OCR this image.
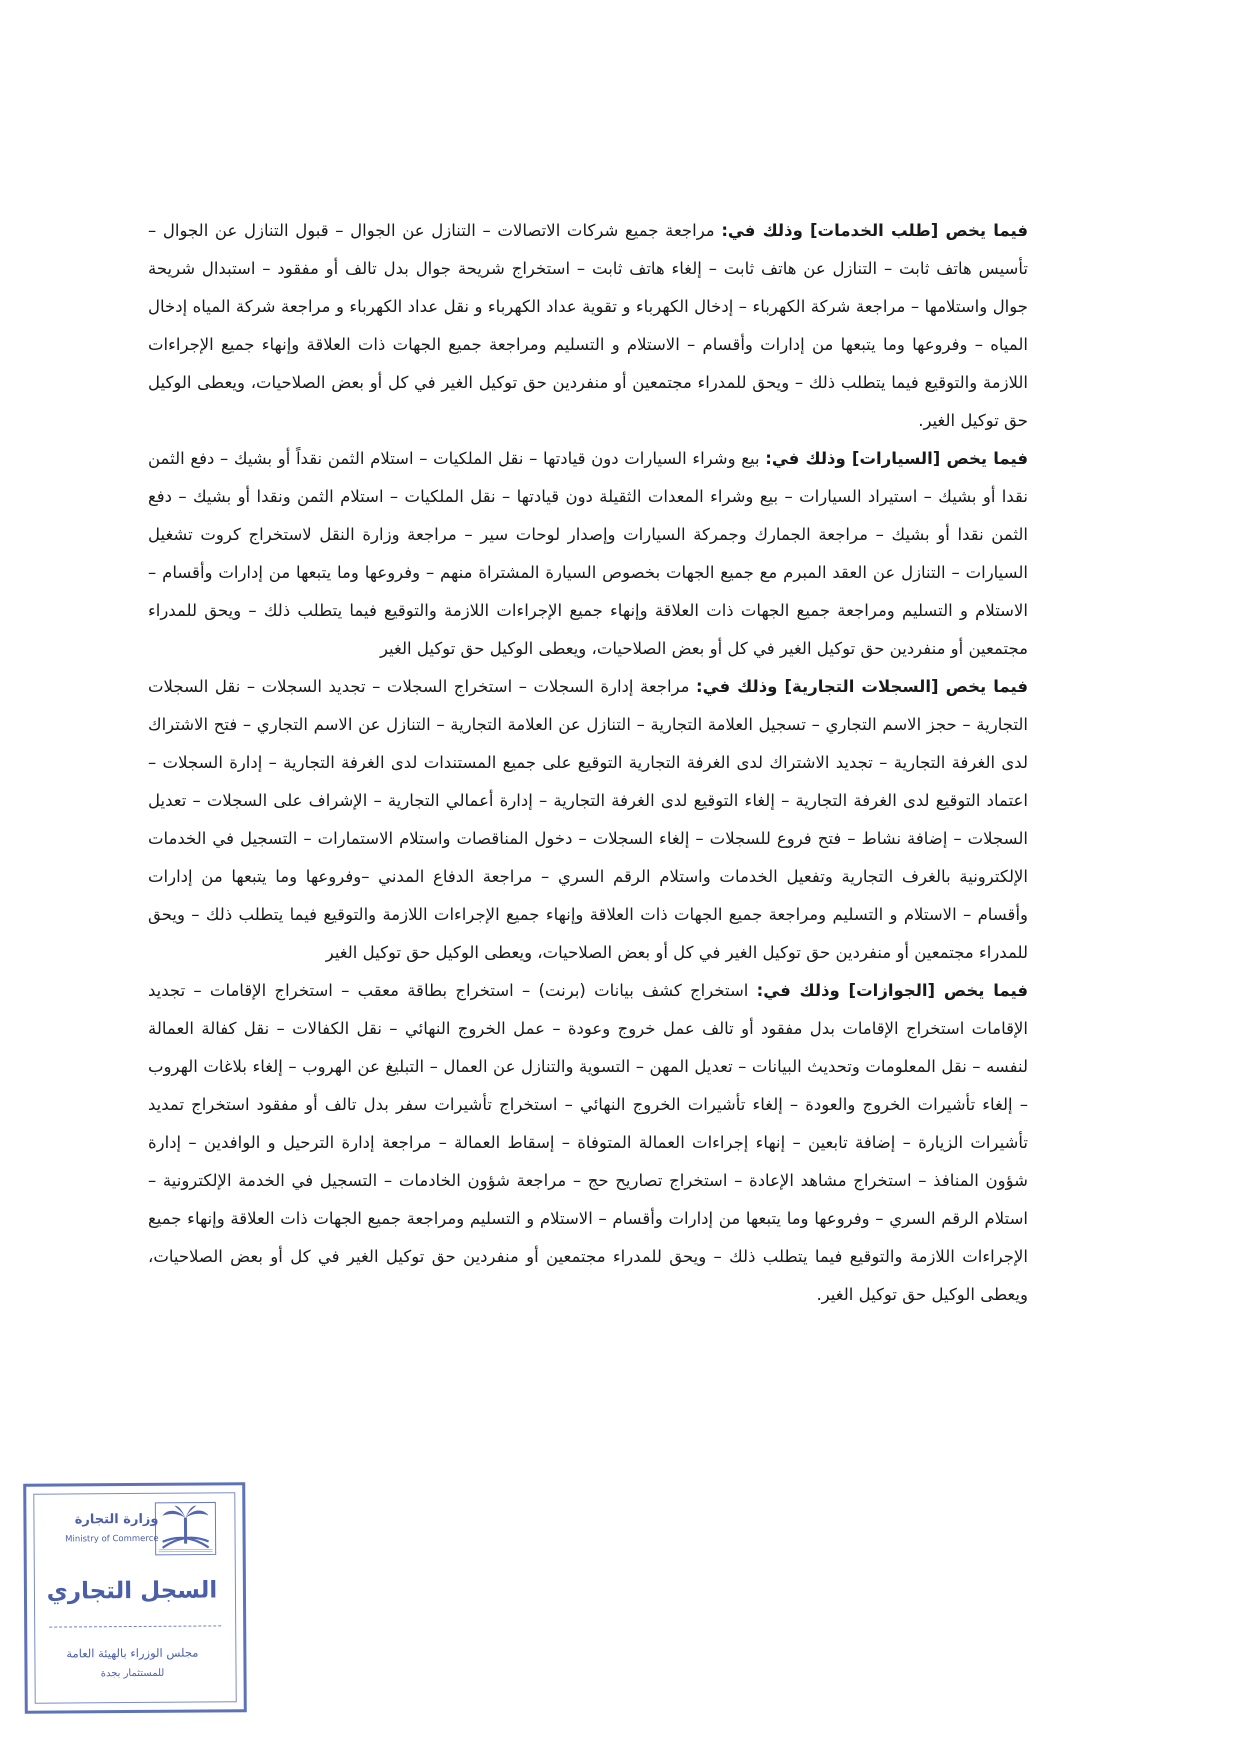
فيما يخص [طلب الخدمات] وذلك في: مراجعة جميع شركات الاتصالات – التنازل عن الجوال – قبول التنازل عن الجوال – تأسيس هاتف ثابت – التنازل عن هاتف ثابت – إلغاء هاتف ثابت – استخراج شريحة جوال بدل تالف أو مفقود – استبدال شريحة جوال واستلامها – مراجعة شركة الكهرباء – إدخال الكهرباء و تقوية عداد الكهرباء و نقل عداد الكهرباء و مراجعة شركة المياه إدخال المياه – وفروعها وما يتبعها من إدارات وأقسام – الاستلام و التسليم ومراجعة جميع الجهات ذات العلاقة وإنهاء جميع الإجراءات اللازمة والتوقيع فيما يتطلب ذلك – ويحق للمدراء مجتمعين أو منفردين حق توكيل الغير في كل أو بعض الصلاحيات، ويعطى الوكيل حق توكيل الغير.

فيما يخص [السيارات] وذلك في: بيع وشراء السيارات دون قيادتها – نقل الملكيات – استلام الثمن نقداً أو بشيك – دفع الثمن نقدا أو بشيك – استيراد السيارات – بيع وشراء المعدات الثقيلة دون قيادتها – نقل الملكيات – استلام الثمن ونقدا أو بشيك – دفع الثمن نقدا أو بشيك – مراجعة الجمارك وجمركة السيارات وإصدار لوحات سير – مراجعة وزارة النقل لاستخراج كروت تشغيل السيارات – التنازل عن العقد المبرم مع جميع الجهات بخصوص السيارة المشتراة منهم – وفروعها وما يتبعها من إدارات وأقسام – الاستلام و التسليم ومراجعة جميع الجهات ذات العلاقة وإنهاء جميع الإجراءات اللازمة والتوقيع فيما يتطلب ذلك – ويحق للمدراء مجتمعين أو منفردين حق توكيل الغير في كل أو بعض الصلاحيات، ويعطى الوكيل حق توكيل الغير

فيما يخص [السجلات التجارية] وذلك في: مراجعة إدارة السجلات – استخراج السجلات – تجديد السجلات – نقل السجلات التجارية – حجز الاسم التجاري – تسجيل العلامة التجارية – التنازل عن العلامة التجارية – التنازل عن الاسم التجاري – فتح الاشتراك لدى الغرفة التجارية – تجديد الاشتراك لدى الغرفة التجارية التوقيع على جميع المستندات لدى الغرفة التجارية – إدارة السجلات – اعتماد التوقيع لدى الغرفة التجارية – إلغاء التوقيع لدى الغرفة التجارية – إدارة أعمالي التجارية – الإشراف على السجلات – تعديل السجلات – إضافة نشاط – فتح فروع للسجلات – إلغاء السجلات – دخول المناقصات واستلام الاستمارات – التسجيل في الخدمات الإلكترونية بالغرف التجارية وتفعيل الخدمات واستلام الرقم السري – مراجعة الدفاع المدني –وفروعها وما يتبعها من إدارات وأقسام – الاستلام و التسليم ومراجعة جميع الجهات ذات العلاقة وإنهاء جميع الإجراءات اللازمة والتوقيع فيما يتطلب ذلك – ويحق للمدراء مجتمعين أو منفردين حق توكيل الغير في كل أو بعض الصلاحيات، ويعطى الوكيل حق توكيل الغير

فيما يخص [الجوازات] وذلك في: استخراج كشف بيانات (برنت) – استخراج بطاقة معقب – استخراج الإقامات – تجديد الإقامات استخراج الإقامات بدل مفقود أو تالف عمل خروج وعودة – عمل الخروج النهائي – نقل الكفالات – نقل كفالة العمالة لنفسه – نقل المعلومات وتحديث البيانات – تعديل المهن – التسوية والتنازل عن العمال – التبليغ عن الهروب – إلغاء بلاغات الهروب – إلغاء تأشيرات الخروج والعودة – إلغاء تأشيرات الخروج النهائي – استخراج تأشيرات سفر بدل تالف أو مفقود استخراج تمديد تأشيرات الزيارة – إضافة تابعين – إنهاء إجراءات العمالة المتوفاة – إسقاط العمالة – مراجعة إدارة الترحيل و الوافدين – إدارة شؤون المنافذ – استخراج مشاهد الإعادة – استخراج تصاريح حج – مراجعة شؤون الخادمات – التسجيل في الخدمة الإلكترونية – استلام الرقم السري – وفروعها وما يتبعها من إدارات وأقسام – الاستلام و التسليم ومراجعة جميع الجهات ذات العلاقة وإنهاء جميع الإجراءات اللازمة والتوقيع فيما يتطلب ذلك – ويحق للمدراء مجتمعين أو منفردين حق توكيل الغير في كل أو بعض الصلاحيات، ويعطى الوكيل حق توكيل الغير.

وزارة التجارة
Ministry of Commerce
السجل التجاري
مجلس الوزراء بالهيئة العامة
للمستثمار بجدة
